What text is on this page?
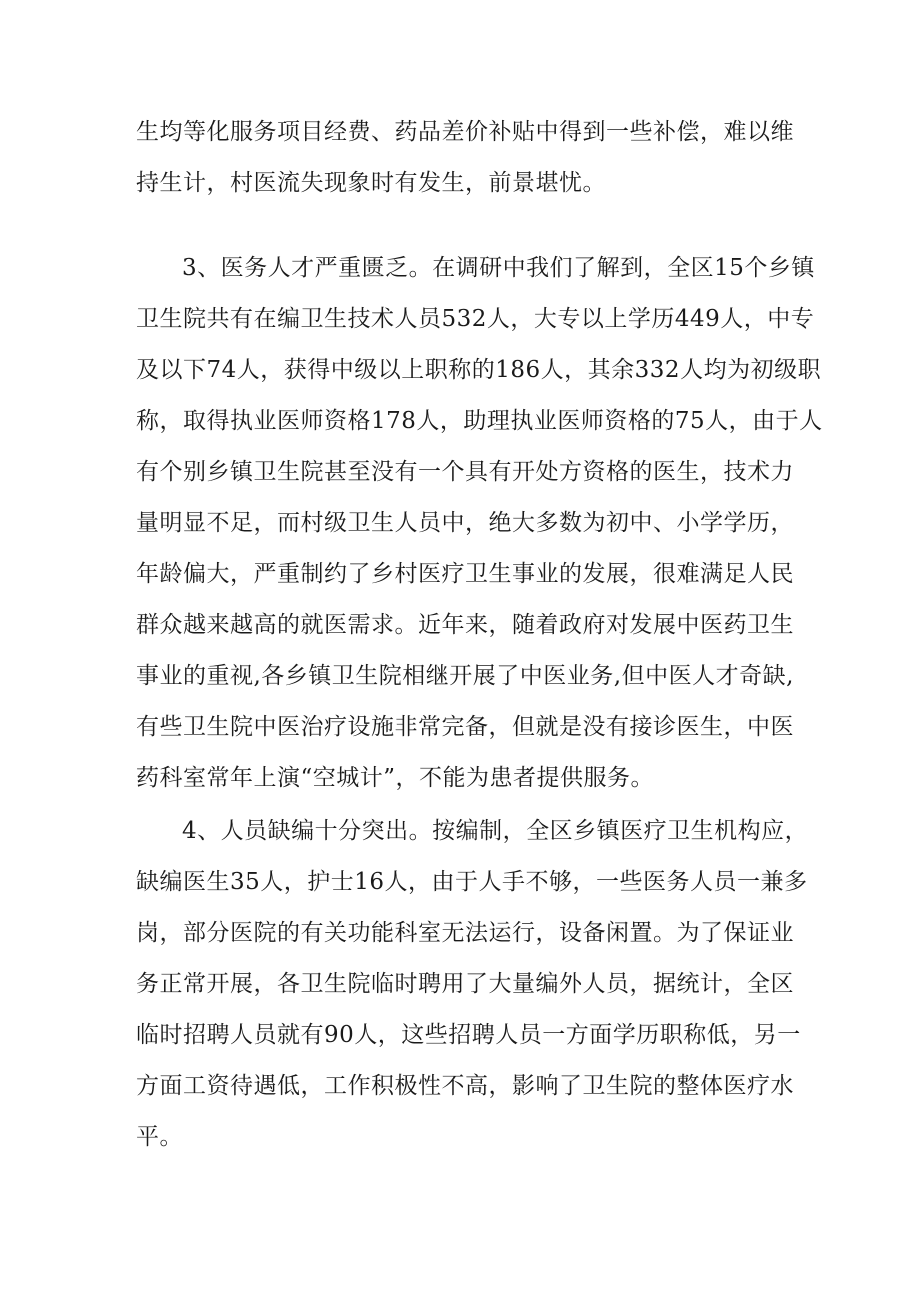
生均等化服务项目经费、药品差价补贴中得到一些补偿，难以维
持生计，村医流失现象时有发生，前景堪忧。
3、医务人才严重匮乏。在调研中我们了解到，全区15个乡镇
卫生院共有在编卫生技术人员532人，大专以上学历449人，中专
及以下74人，获得中级以上职称的186人，其余332人均为初级职
称，取得执业医师资格178人，助理执业医师资格的75人，由于人
有个别乡镇卫生院甚至没有一个具有开处方资格的医生，技术力
量明显不足，而村级卫生人员中，绝大多数为初中、小学学历，
年龄偏大，严重制约了乡村医疗卫生事业的发展，很难满足人民
群众越来越高的就医需求。近年来，随着政府对发展中医药卫生
事业的重视,各乡镇卫生院相继开展了中医业务,但中医人才奇缺,
有些卫生院中医治疗设施非常完备，但就是没有接诊医生，中医
药科室常年上演“空城计”，不能为患者提供服务。
4、人员缺编十分突出。按编制，全区乡镇医疗卫生机构应，
缺编医生35人，护士16人，由于人手不够，一些医务人员一兼多
岗，部分医院的有关功能科室无法运行，设备闲置。为了保证业
务正常开展，各卫生院临时聘用了大量编外人员，据统计，全区
临时招聘人员就有90人，这些招聘人员一方面学历职称低，另一
方面工资待遇低，工作积极性不高，影响了卫生院的整体医疗水
平。
